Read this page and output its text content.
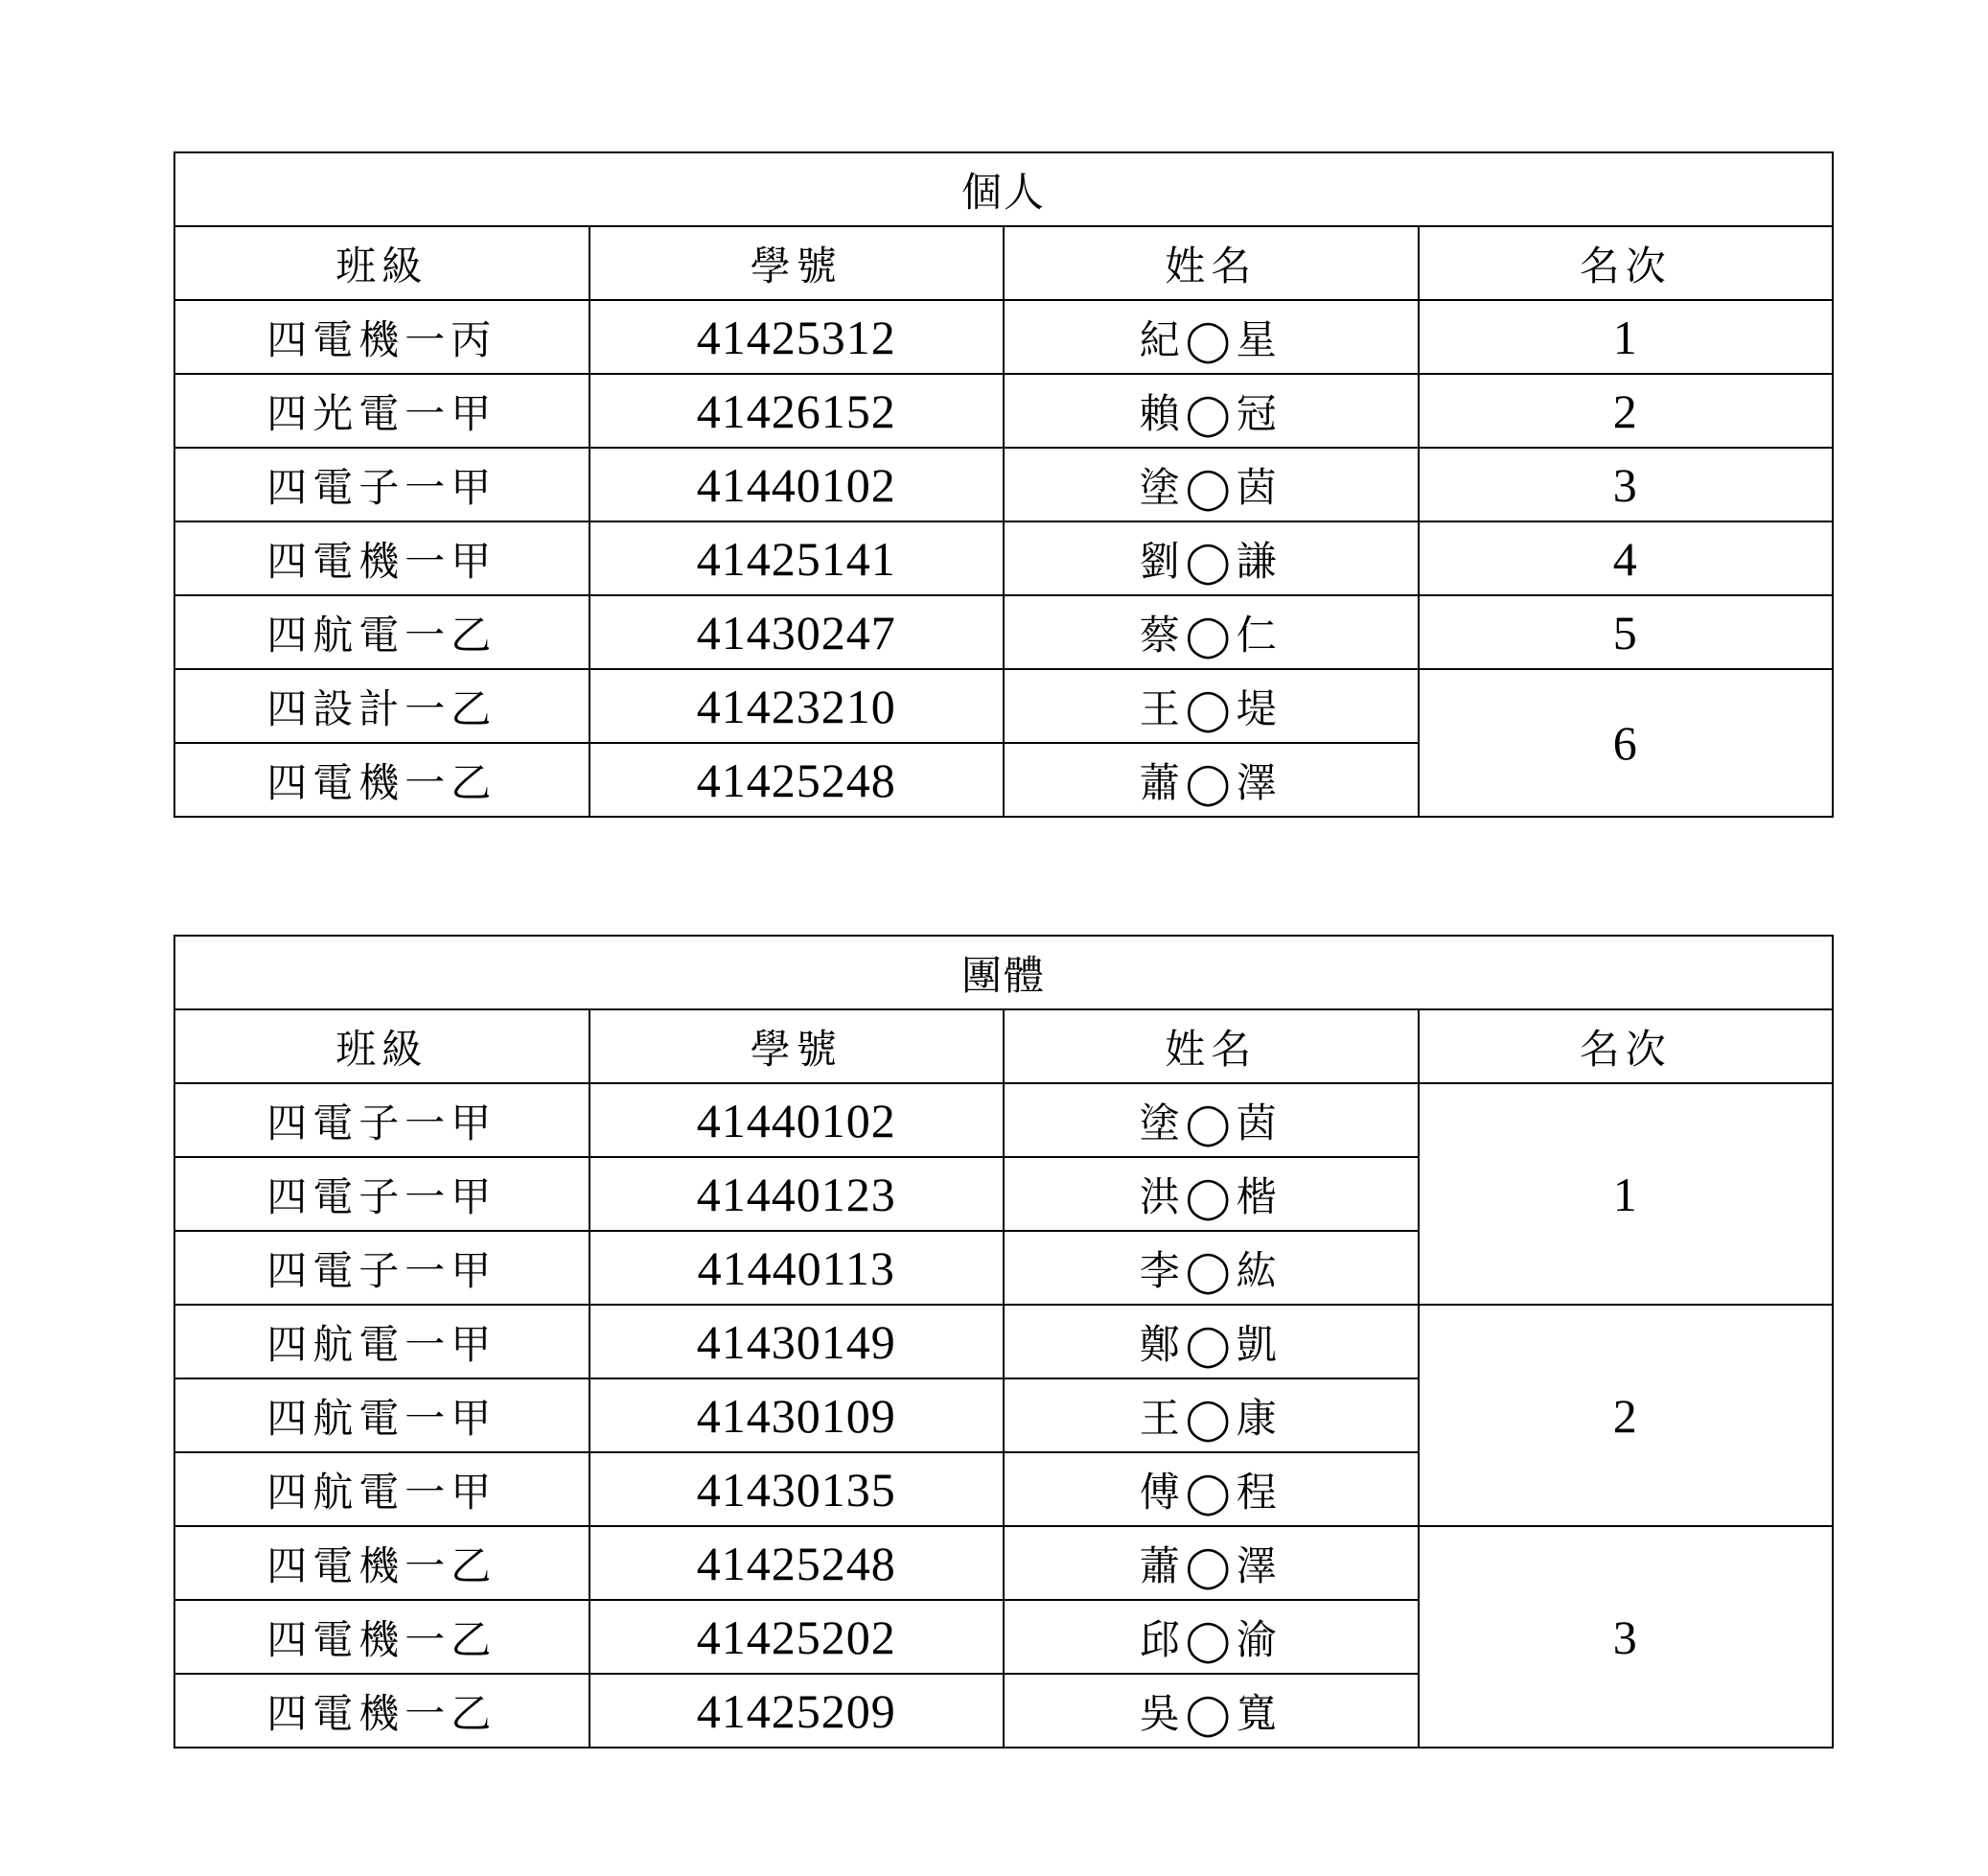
個人			
班級	學號	姓名	名次
四電機一丙	41425312	紀◯星	1
四光電一甲	41426152	賴◯冠	2
四電子一甲	41440102	塗◯茵	3
四電機一甲	41425141	劉◯謙	4
四航電一乙	41430247	蔡◯仁	5
四設計一乙	41423210	王◯堤	6
四電機一乙	41425248	蕭◯澤	
團體			
班級	學號	姓名	名次
四電子一甲	41440102	塗◯茵	1
四電子一甲	41440123	洪◯楷	
四電子一甲	41440113	李◯紘	
四航電一甲	41430149	鄭◯凱	2
四航電一甲	41430109	王◯康	
四航電一甲	41430135	傅◯程	
四電機一乙	41425248	蕭◯澤	3
四電機一乙	41425202	邱◯渝	
四電機一乙	41425209	吳◯寬	
